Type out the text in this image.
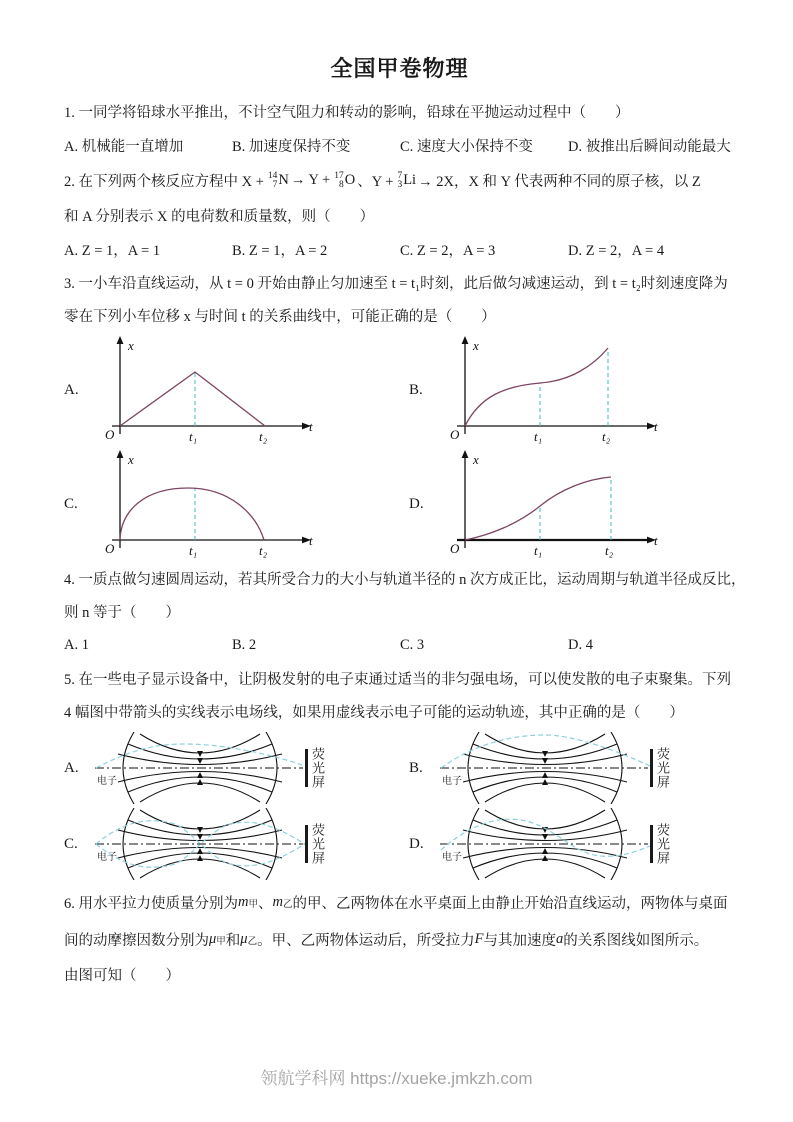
全国甲卷物理
1. 一同学将铅球水平推出，不计空气阻力和转动的影响，铅球在平抛运动过程中（　　）
A. 机械能一直增加	B. 加速度保持不变	C. 速度大小保持不变	D. 被推出后瞬间动能最大
2. 在下列两个核反应方程中 X + 14
7 N → Y + 17
8 O 、Y + 7
3 Li → 2X，X 和 Y 代表两种不同的原子核，以 Z
和 A 分别表示 X 的电荷数和质量数，则（　　）
A. Z = 1，A = 1	B. Z = 1，A = 2	C. Z = 2，A = 3	D. Z = 2，A = 4
3. 一小车沿直线运动，从 t = 0 开始由静止匀加速至 t = t₁时刻，此后做匀减速运动，到 t = t₂时刻速度降为
零在下列小车位移 x 与时间 t 的关系曲线中，可能正确的是（　　）
A.
x
t
O	t₁	t₂
B.
x
t
O	t₁	t₂
C.
x
t
O	t₁	t₂
D.
x
t
O	t₁	t₂
4. 一质点做匀速圆周运动，若其所受合力的大小与轨道半径的 n 次方成正比，运动周期与轨道半径成反比，
则 n 等于（　　）
A. 1	B. 2	C. 3	D. 4
5. 在一些电子显示设备中，让阴极发射的电子束通过适当的非匀强电场，可以使发散的电子束聚集。下列
4 幅图中带箭头的实线表示电场线，如果用虚线表示电子可能的运动轨迹，其中正确的是（　　）
A.
电子	荧光屏	B.
电子	荧光屏
C.
电子	荧光屏	D.
电子	荧光屏
6. 用水平拉力使质量分别为 m 甲 、 m 乙 的甲、乙两物体在水平桌面上由静止开始沿直线运动，两物体与桌面
间的动摩擦因数分别为 μ 甲 和 μ 乙 。甲、乙两物体运动后，所受拉力 F 与其加速度 a 的关系图线如图所示。
由图可知（　　）
领航学科网 https://xueke.jmkzh.com
